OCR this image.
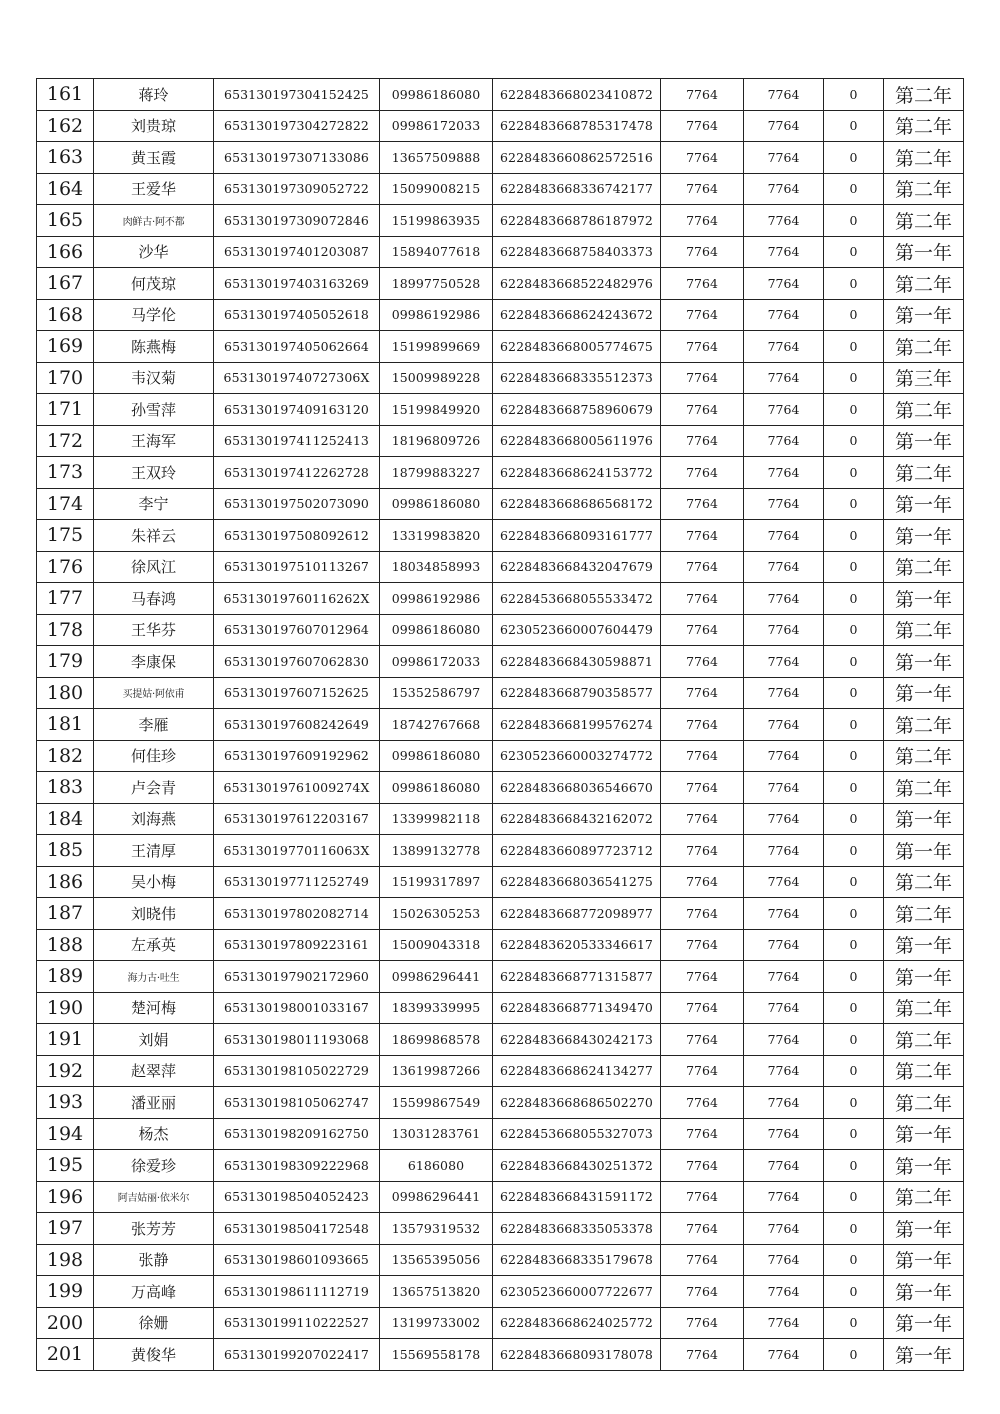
161	蒋玲	653130197304152425	09986186080	6228483668023410872	7764	7764	0	第二年
162	刘贵琼	653130197304272822	09986172033	6228483668785317478	7764	7764	0	第二年
163	黄玉霞	653130197307133086	13657509888	6228483660862572516	7764	7764	0	第二年
164	王爱华	653130197309052722	15099008215	6228483668336742177	7764	7764	0	第二年
165	肉鲜古·阿不都	653130197309072846	15199863935	6228483668786187972	7764	7764	0	第二年
166	沙华	653130197401203087	15894077618	6228483668758403373	7764	7764	0	第一年
167	何茂琼	653130197403163269	18997750528	6228483668522482976	7764	7764	0	第二年
168	马学伦	653130197405052618	09986192986	6228483668624243672	7764	7764	0	第一年
169	陈燕梅	653130197405062664	15199899669	6228483668005774675	7764	7764	0	第二年
170	韦汉菊	65313019740727306X	15009989228	6228483668335512373	7764	7764	0	第三年
171	孙雪萍	653130197409163120	15199849920	6228483668758960679	7764	7764	0	第二年
172	王海军	653130197411252413	18196809726	6228483668005611976	7764	7764	0	第一年
173	王双玲	653130197412262728	18799883227	6228483668624153772	7764	7764	0	第二年
174	李宁	653130197502073090	09986186080	6228483668686568172	7764	7764	0	第一年
175	朱祥云	653130197508092612	13319983820	6228483668093161777	7764	7764	0	第一年
176	徐风江	653130197510113267	18034858993	6228483668432047679	7764	7764	0	第二年
177	马春鸿	65313019760116262X	09986192986	6228453668055533472	7764	7764	0	第一年
178	王华芬	653130197607012964	09986186080	6230523660007604479	7764	7764	0	第二年
179	李康保	653130197607062830	09986172033	6228483668430598871	7764	7764	0	第一年
180	买提姑·阿依甫	653130197607152625	15352586797	6228483668790358577	7764	7764	0	第一年
181	李雁	653130197608242649	18742767668	6228483668199576274	7764	7764	0	第二年
182	何佳珍	653130197609192962	09986186080	6230523660003274772	7764	7764	0	第二年
183	卢会青	65313019761009274X	09986186080	6228483668036546670	7764	7764	0	第二年
184	刘海燕	653130197612203167	13399982118	6228483668432162072	7764	7764	0	第一年
185	王清厚	65313019770116063X	13899132778	6228483660897723712	7764	7764	0	第一年
186	吴小梅	653130197711252749	15199317897	6228483668036541275	7764	7764	0	第二年
187	刘晓伟	653130197802082714	15026305253	6228483668772098977	7764	7764	0	第二年
188	左承英	653130197809223161	15009043318	6228483620533346617	7764	7764	0	第一年
189	海力古·吐生	653130197902172960	09986296441	6228483668771315877	7764	7764	0	第一年
190	楚河梅	653130198001033167	18399339995	6228483668771349470	7764	7764	0	第二年
191	刘娟	653130198011193068	18699868578	6228483668430242173	7764	7764	0	第二年
192	赵翠萍	653130198105022729	13619987266	6228483668624134277	7764	7764	0	第二年
193	潘亚丽	653130198105062747	15599867549	6228483668686502270	7764	7764	0	第二年
194	杨杰	653130198209162750	13031283761	6228453668055327073	7764	7764	0	第一年
195	徐爱珍	653130198309222968	6186080	6228483668430251372	7764	7764	0	第一年
196	阿吉姑丽·依米尔	653130198504052423	09986296441	6228483668431591172	7764	7764	0	第二年
197	张芳芳	653130198504172548	13579319532	6228483668335053378	7764	7764	0	第一年
198	张静	653130198601093665	13565395056	6228483668335179678	7764	7764	0	第一年
199	万高峰	653130198611112719	13657513820	6230523660007722677	7764	7764	0	第一年
200	徐姗	653130199110222527	13199733002	6228483668624025772	7764	7764	0	第一年
201	黄俊华	653130199207022417	15569558178	6228483668093178078	7764	7764	0	第一年
